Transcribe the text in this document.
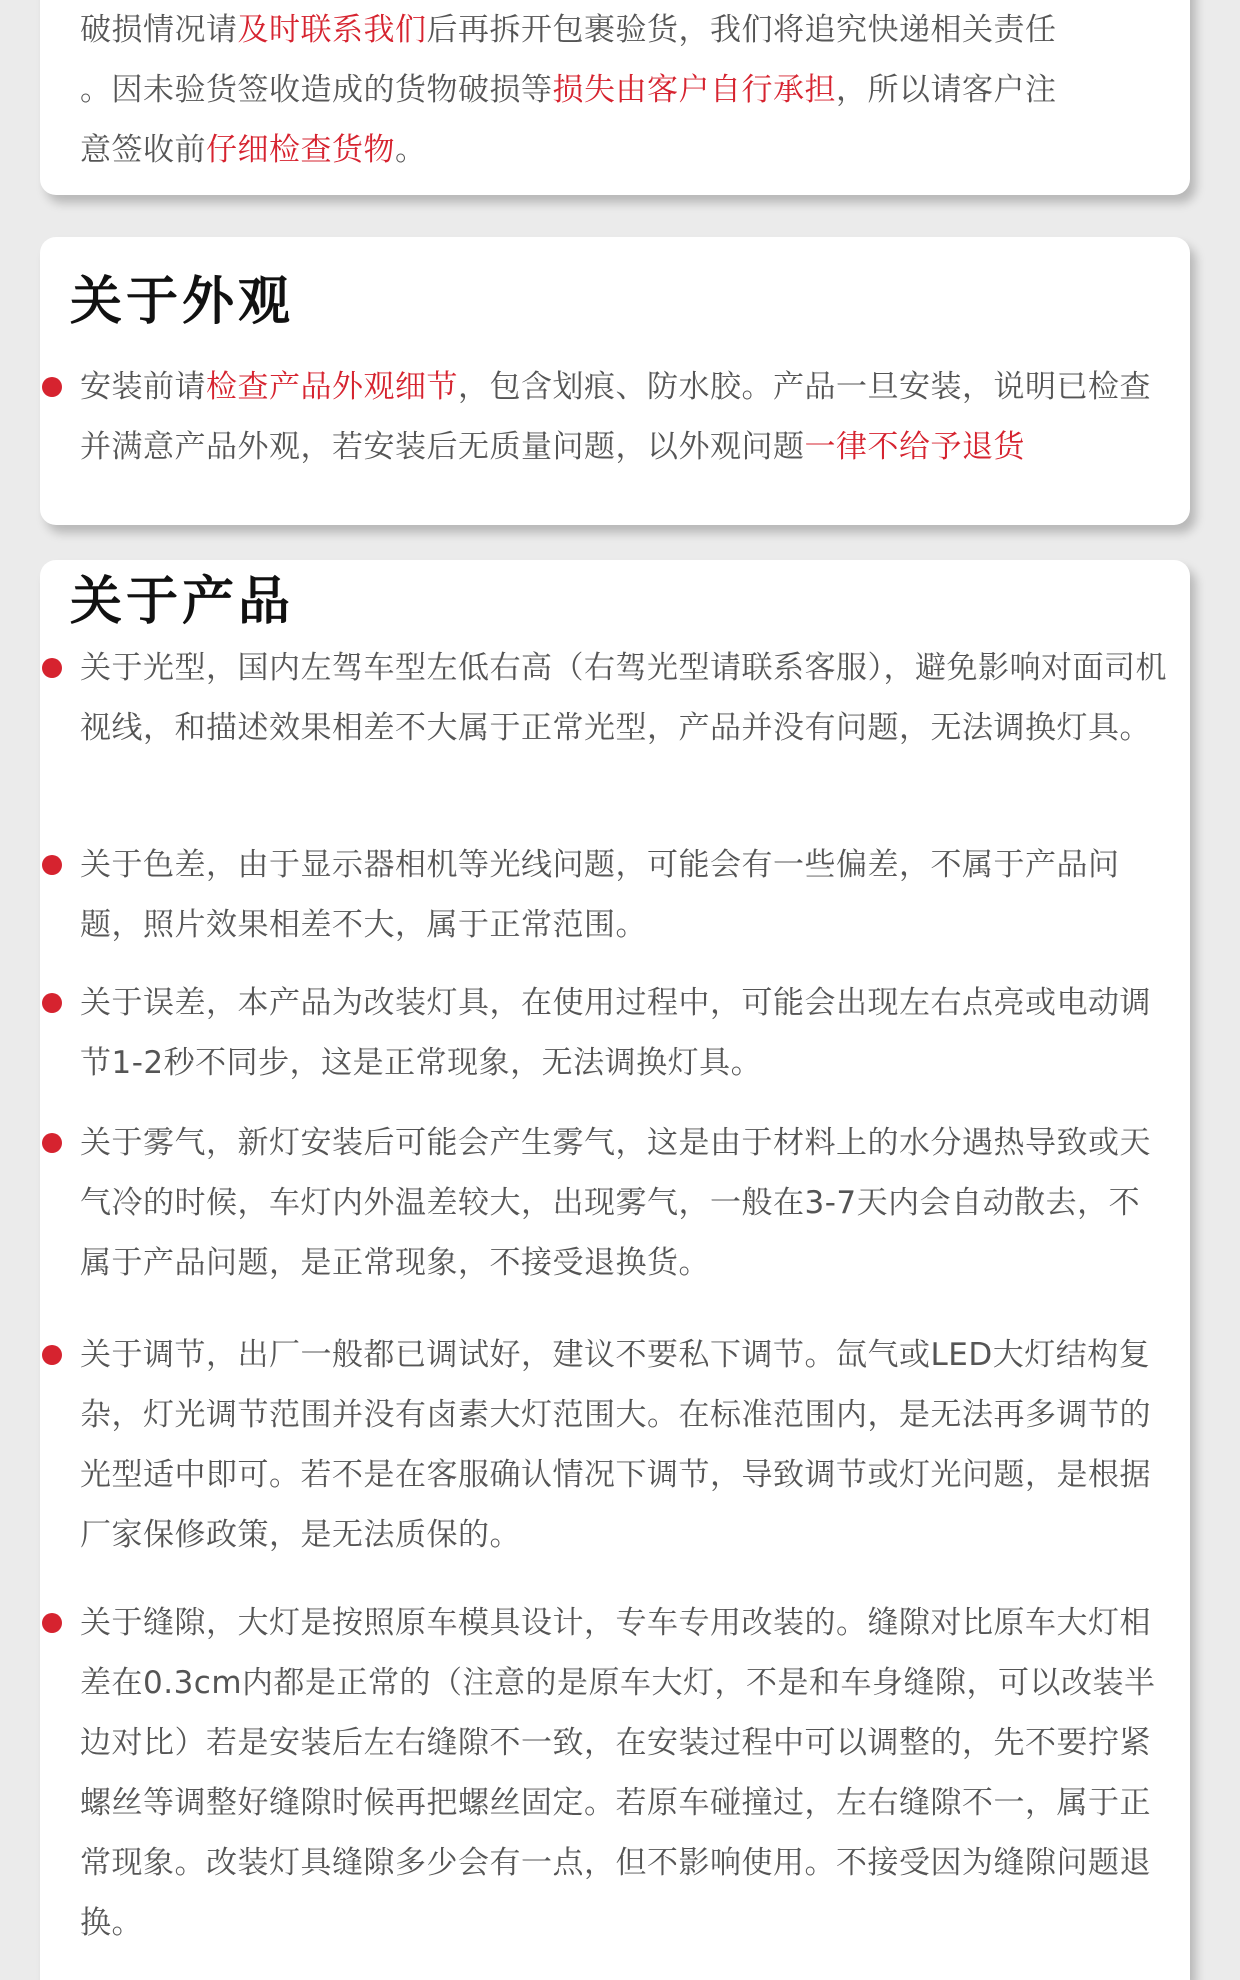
破损情况请及时联系我们后再拆开包裹验货，我们将追究快递相关责任
。因未验货签收造成的货物破损等损失由客户自行承担，所以请客户注
意签收前仔细检查货物。

关于外观

安装前请检查产品外观细节，包含划痕、防水胶。产品一旦安装，说明已检查并满意产品外观，若安装后无质量问题，以外观问题一律不给予退货

关于产品

关于光型，国内左驾车型左低右高（右驾光型请联系客服），避免影响对面司机视线，和描述效果相差不大属于正常光型，产品并没有问题，无法调换灯具。

关于色差，由于显示器相机等光线问题，可能会有一些偏差，不属于产品问题，照片效果相差不大，属于正常范围。

关于误差，本产品为改装灯具，在使用过程中，可能会出现左右点亮或电动调节1-2秒不同步，这是正常现象，无法调换灯具。

关于雾气，新灯安装后可能会产生雾气，这是由于材料上的水分遇热导致或天气冷的时候，车灯内外温差较大，出现雾气，一般在3-7天内会自动散去，不属于产品问题，是正常现象，不接受退换货。

关于调节，出厂一般都已调试好，建议不要私下调节。氙气或LED大灯结构复杂，灯光调节范围并没有卤素大灯范围大。在标准范围内，是无法再多调节的光型适中即可。若不是在客服确认情况下调节，导致调节或灯光问题，是根据厂家保修政策，是无法质保的。

关于缝隙，大灯是按照原车模具设计，专车专用改装的。缝隙对比原车大灯相差在0.3cm内都是正常的（注意的是原车大灯，不是和车身缝隙，可以改装半边对比）若是安装后左右缝隙不一致，在安装过程中可以调整的，先不要拧紧螺丝等调整好缝隙时候再把螺丝固定。若原车碰撞过，左右缝隙不一，属于正常现象。改装灯具缝隙多少会有一点，但不影响使用。不接受因为缝隙问题退换。
